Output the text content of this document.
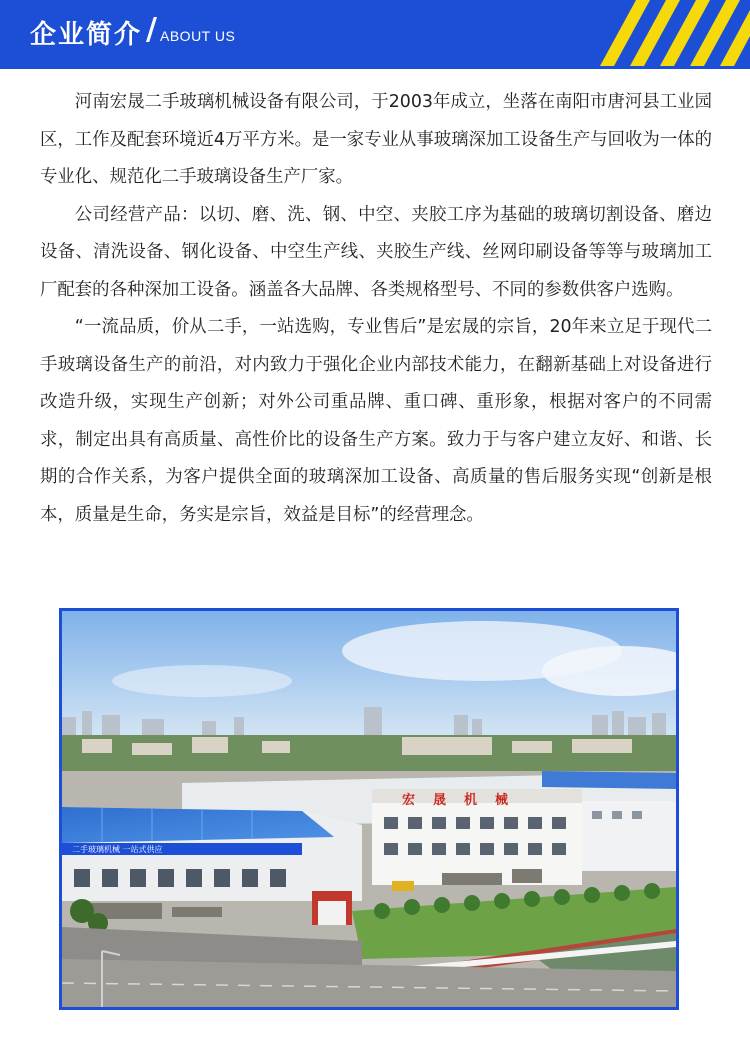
企业简介 / ABOUT US

河南宏晟二手玻璃机械设备有限公司，于2003年成立，坐落在南阳市唐河县工业园区，工作及配套环境近4万平方米。是一家专业从事玻璃深加工设备生产与回收为一体的专业化、规范化二手玻璃设备生产厂家。

公司经营产品：以切、磨、洗、钢、中空、夹胶工序为基础的玻璃切割设备、磨边设备、清洗设备、钢化设备、中空生产线、夹胶生产线、丝网印刷设备等等与玻璃加工厂配套的各种深加工设备。涵盖各大品牌、各类规格型号、不同的参数供客户选购。

“一流品质，价从二手，一站选购，专业售后”是宏晟的宗旨，20年来立足于现代二手玻璃设备生产的前沿，对内致力于强化企业内部技术能力，在翻新基础上对设备进行改造升级，实现生产创新；对外公司重品牌、重口碑、重形象，根据对客户的不同需求，制定出具有高质量、高性价比的设备生产方案。致力于与客户建立友好、和谐、长期的合作关系，为客户提供全面的玻璃深加工设备、高质量的售后服务实现“创新是根本，质量是生命，务实是宗旨，效益是目标”的经营理念。

宏晟机械
二手玻璃机械 一站式供应
